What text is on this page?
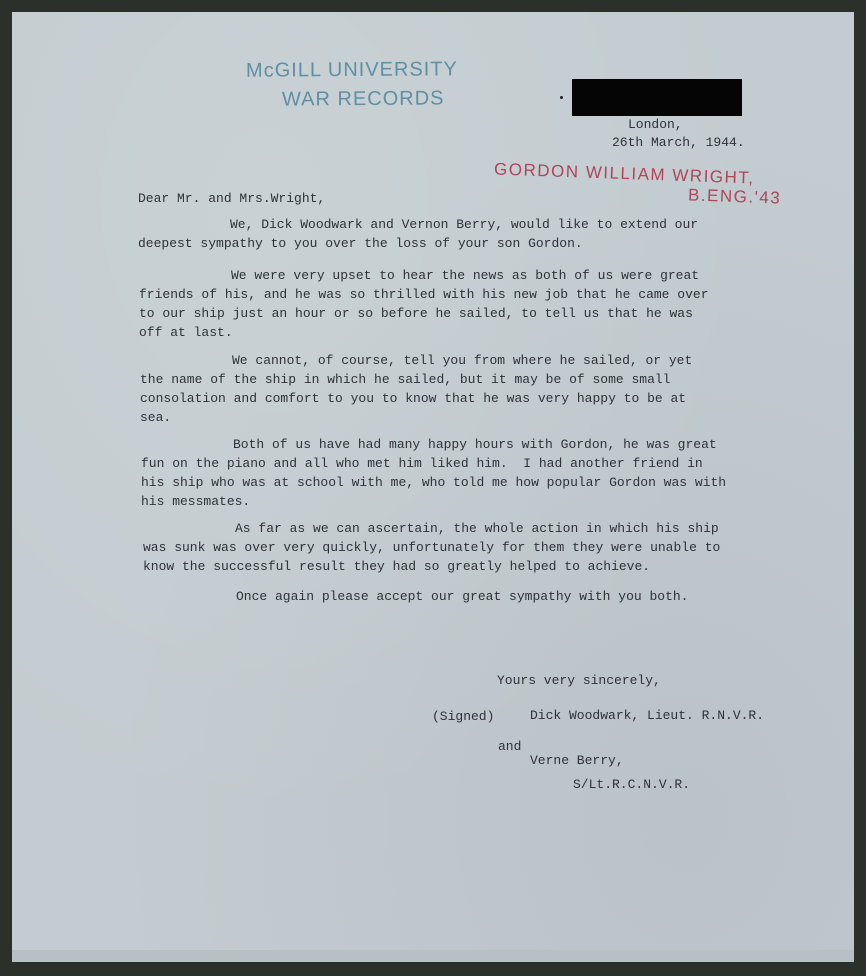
McGILL UNIVERSITY
WAR RECORDS
London,
26th March, 1944.
GORDON WILLIAM WRIGHT,
B.ENG.'43
Dear Mr. and Mrs.Wright,
We, Dick Woodwark and Vernon Berry, would like to extend our
deepest sympathy to you over the loss of your son Gordon.
We were very upset to hear the news as both of us were great
friends of his, and he was so thrilled with his new job that he came over
to our ship just an hour or so before he sailed, to tell us that he was
off at last.
We cannot, of course, tell you from where he sailed, or yet
the name of the ship in which he sailed, but it may be of some small
consolation and comfort to you to know that he was very happy to be at
sea.
Both of us have had many happy hours with Gordon, he was great
fun on the piano and all who met him liked him.  I had another friend in
his ship who was at school with me, who told me how popular Gordon was with
his messmates.
As far as we can ascertain, the whole action in which his ship
was sunk was over very quickly, unfortunately for them they were unable to
know the successful result they had so greatly helped to achieve.
Once again please accept our great sympathy with you both.
Yours very sincerely,
(Signed)	Dick Woodwark, Lieut. R.N.V.R.
and
Verne Berry,
S/Lt.R.C.N.V.R.
